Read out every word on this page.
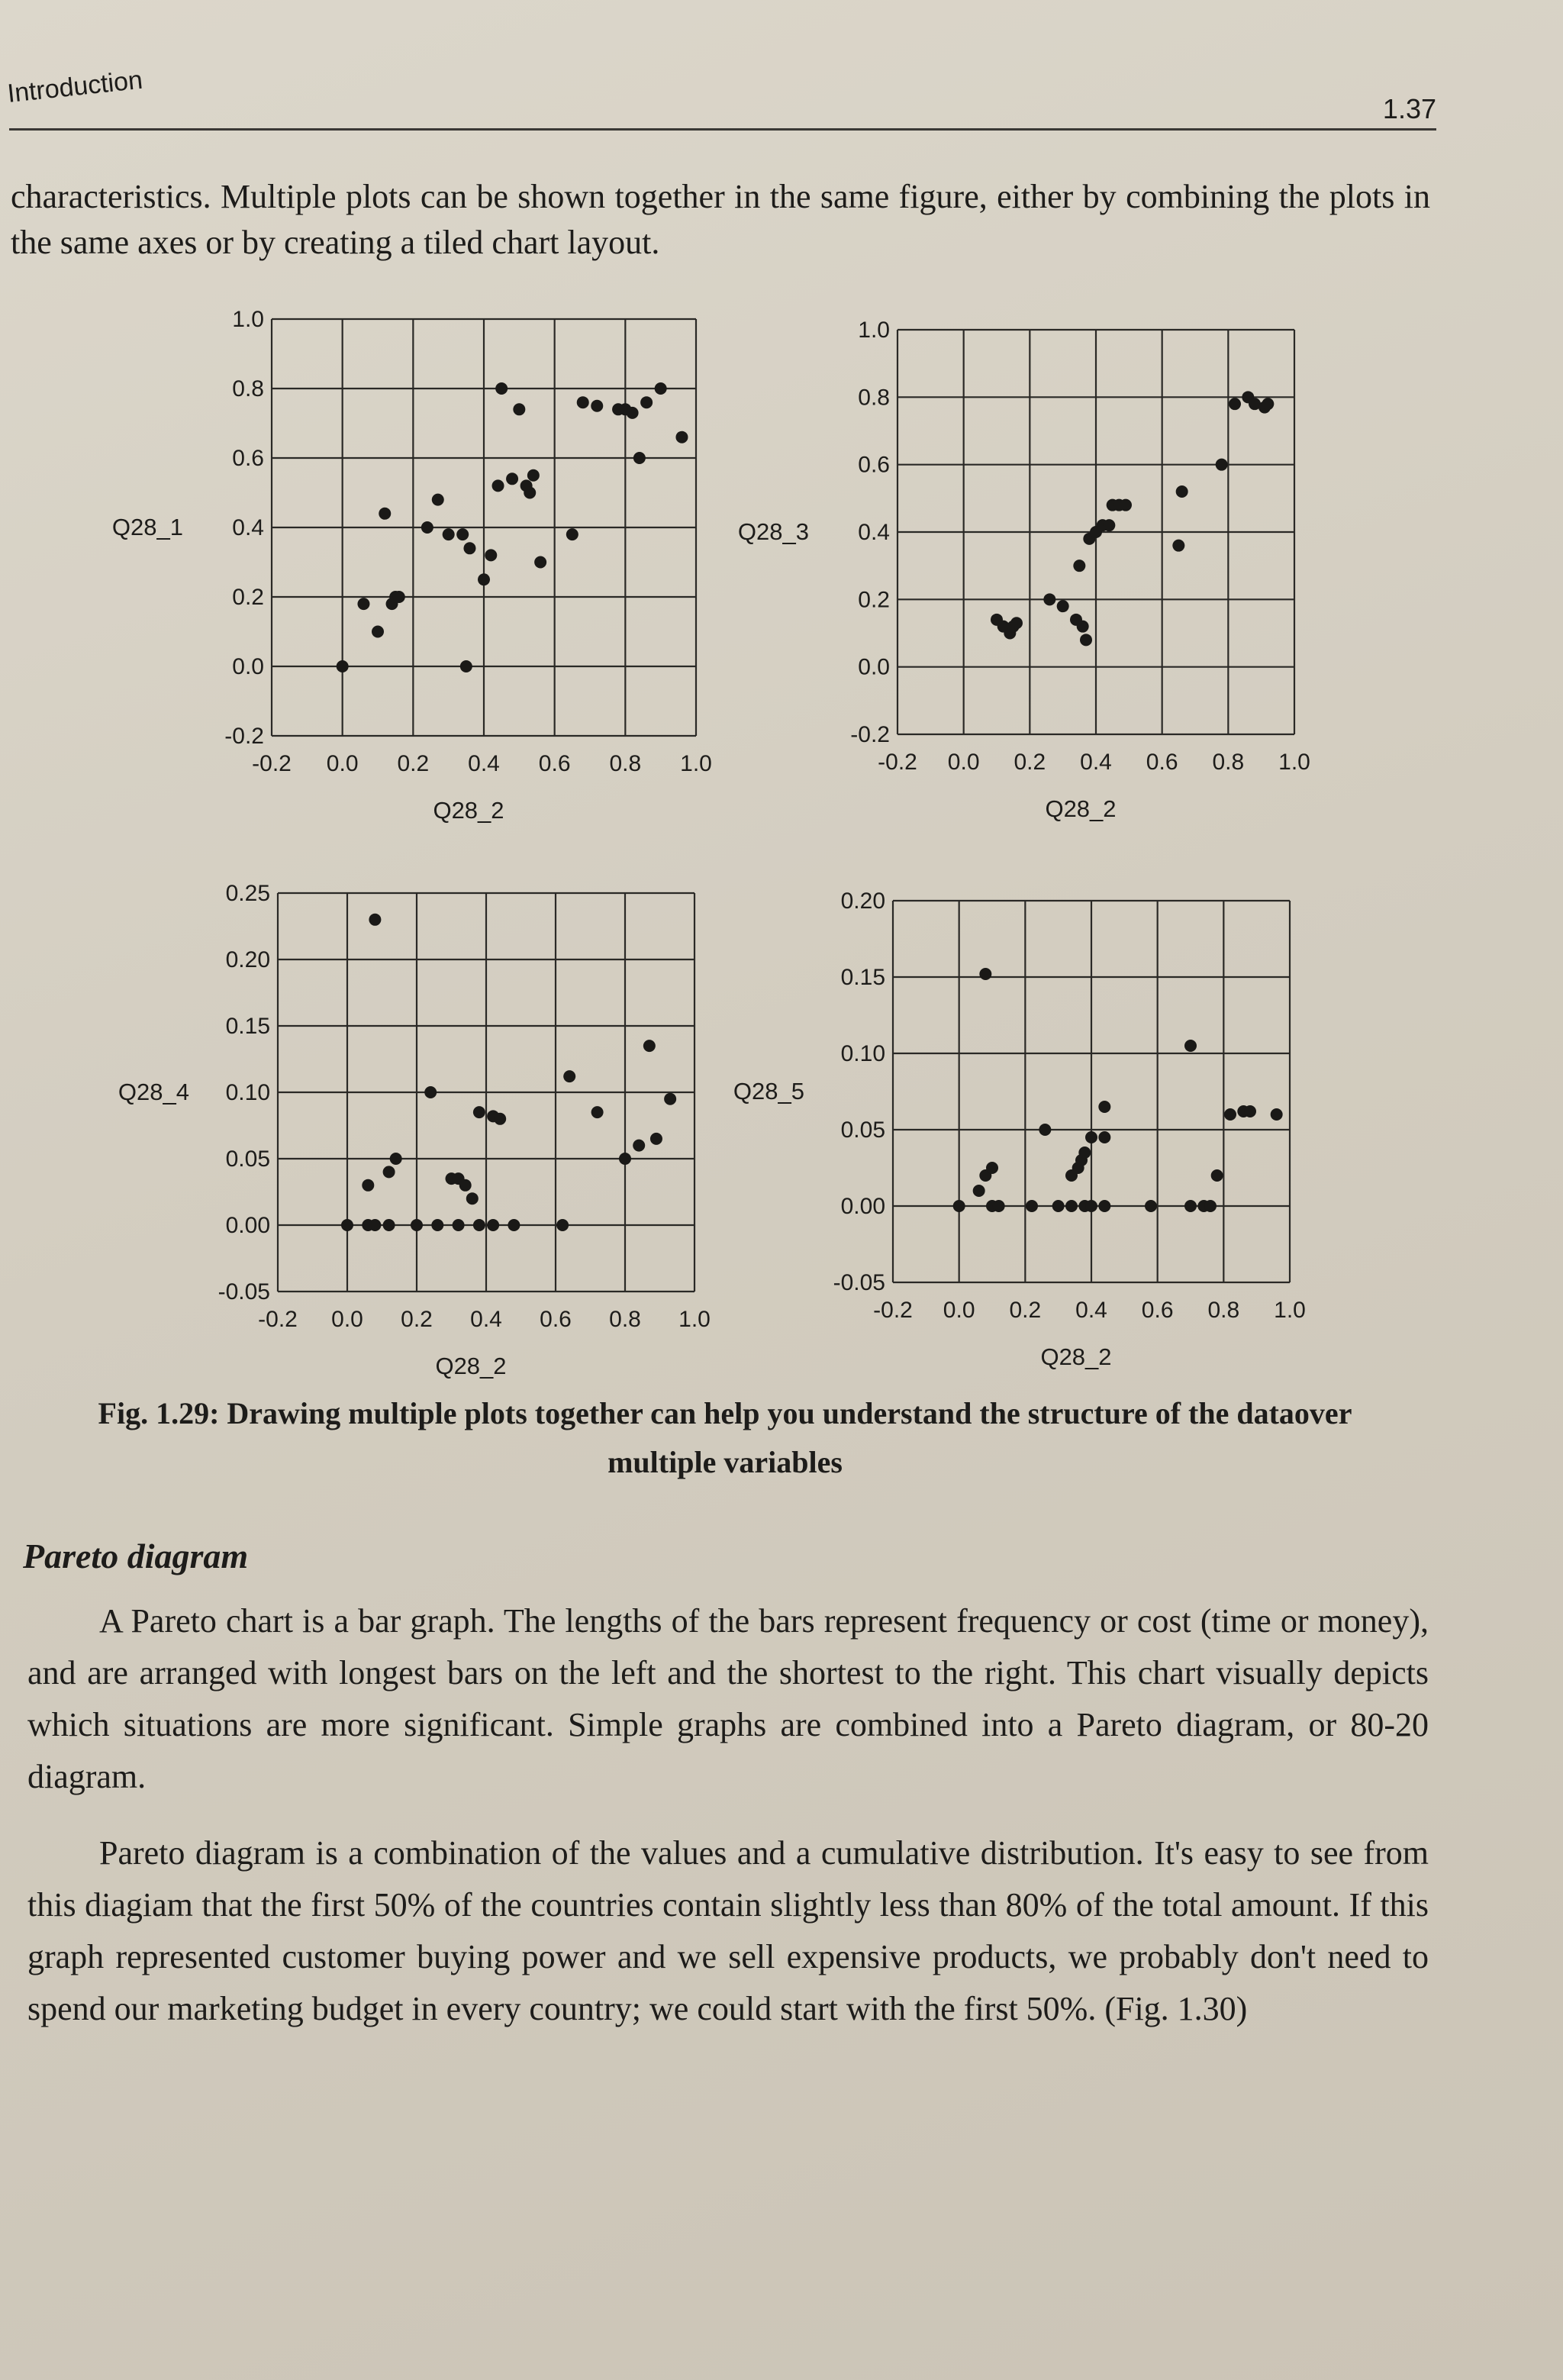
Introduction
1.37
characteristics. Multiple plots can be shown together in the same figure, either by combining the plots in the same axes or by creating a tiled chart layout.
1.0
0.8
0.6
0.4
0.2
0.0
-0.2
-0.2 0.0 0.2 0.4 0.6 0.8 1.0
Q28_2
Q28_1
1.0
0.8
0.6
0.4
0.2
0.0
-0.2
-0.2 0.0 0.2 0.4 0.6 0.8 1.0
Q28_2
Q28_3
0.25
0.20
0.15
0.10
0.05
0.00
-0.05
-0.2 0.0 0.2 0.4 0.6 0.8 1.0
Q28_2
Q28_4
0.20
0.15
0.10
0.05
0.00
-0.05
-0.2 0.0 0.2 0.4 0.6 0.8 1.0
Q28_2
Q28_5
Fig. 1.29: Drawing multiple plots together can help you understand the structure of the dataover multiple variables
Pareto diagram
A Pareto chart is a bar graph. The lengths of the bars represent frequency or cost (time or money), and are arranged with longest bars on the left and the shortest to the right. This chart visually depicts which situations are more significant. Simple graphs are combined into a Pareto diagram, or 80-20 diagram.
Pareto diagram is a combination of the values and a cumulative distribution. It's easy to see from this diagiam that the first 50% of the countries contain slightly less than 80% of the total amount. If this graph represented customer buying power and we sell expensive products, we probably don't need to spend our marketing budget in every country; we could start with the first 50%. (Fig. 1.30)
